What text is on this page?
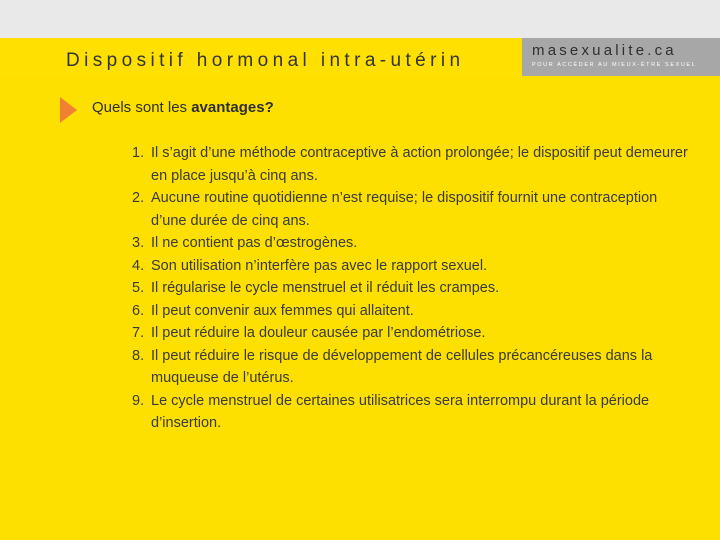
Dispositif hormonal intra-utérin	masexualite.ca

POUR ACCÉDER AU MIEUX-ÊTRE SEXUEL

Quels sont les avantages?
1. Il s’agit d’une méthode contraceptive à action prolongée; le dispositif peut demeurer en place jusqu’à cinq ans.
2. Aucune routine quotidienne n’est requise; le dispositif fournit une contraception d’une durée de cinq ans.
3. Il ne contient pas d’œstrogènes.
4. Son utilisation n’interfère pas avec le rapport sexuel.
5. Il régularise le cycle menstruel et il réduit les crampes.
6. Il peut convenir aux femmes qui allaitent.
7. Il peut réduire la douleur causée par l’endométriose.
8. Il peut réduire le risque de développement de cellules précancéreuses dans la muqueuse de l’utérus.
9. Le cycle menstruel de certaines utilisatrices sera interrompu durant la période d’insertion.
